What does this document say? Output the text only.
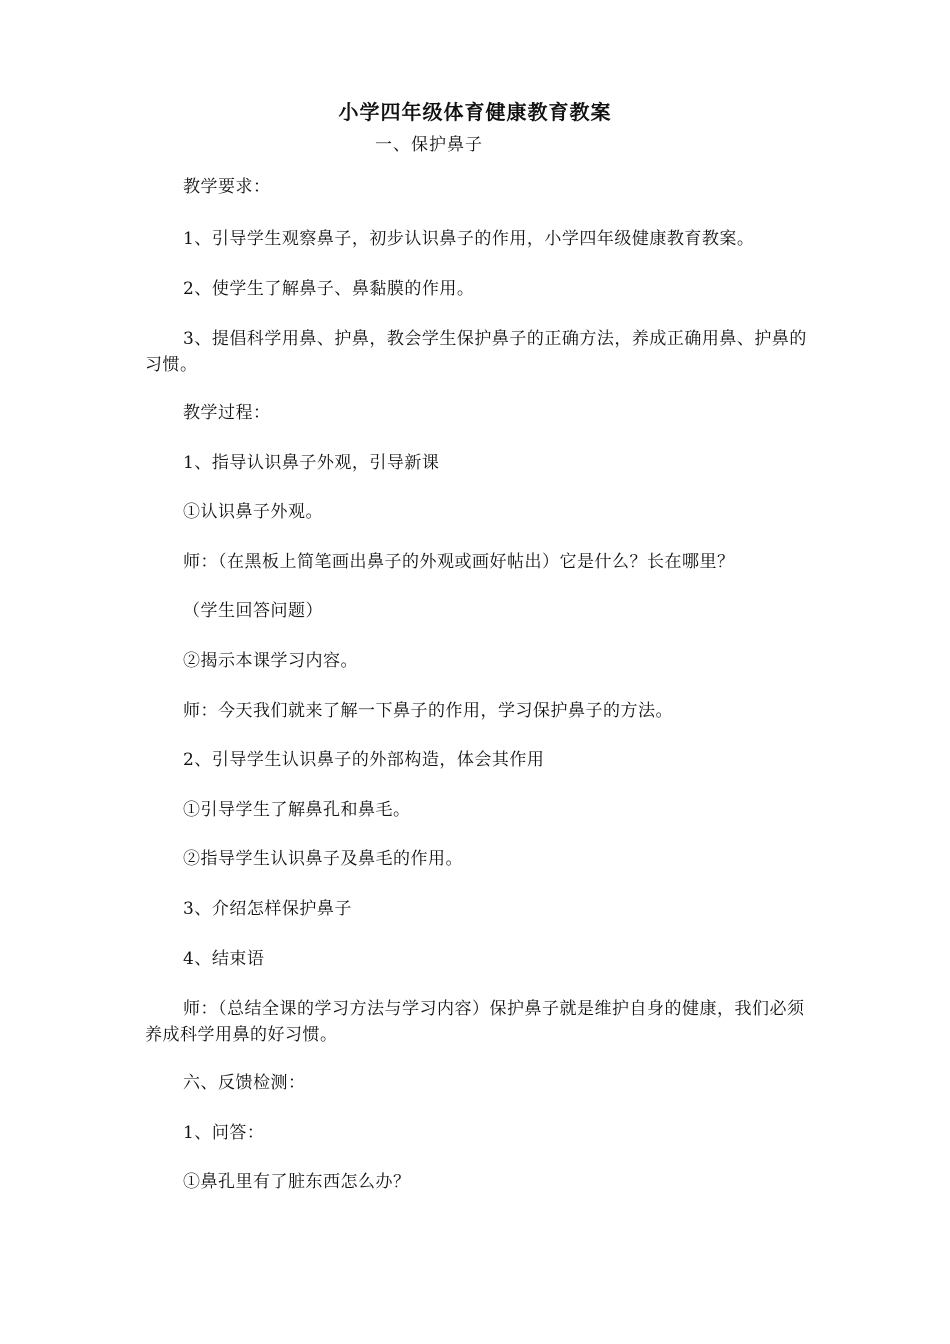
小学四年级体育健康教育教案
一、保护鼻子
教学要求：
1、引导学生观察鼻子，初步认识鼻子的作用，小学四年级健康教育教案。
2、使学生了解鼻子、鼻黏膜的作用。
3、提倡科学用鼻、护鼻，教会学生保护鼻子的正确方法，养成正确用鼻、护鼻的习惯。
教学过程：
1、指导认识鼻子外观，引导新课
①认识鼻子外观。
师：（在黑板上简笔画出鼻子的外观或画好帖出）它是什么？长在哪里？
（学生回答问题）
②揭示本课学习内容。
师：今天我们就来了解一下鼻子的作用，学习保护鼻子的方法。
2、引导学生认识鼻子的外部构造，体会其作用
①引导学生了解鼻孔和鼻毛。
②指导学生认识鼻子及鼻毛的作用。
3、介绍怎样保护鼻子
4、结束语
师：（总结全课的学习方法与学习内容）保护鼻子就是维护自身的健康，我们必须养成科学用鼻的好习惯。
六、反馈检测：
1、问答：
①鼻孔里有了脏东西怎么办？
